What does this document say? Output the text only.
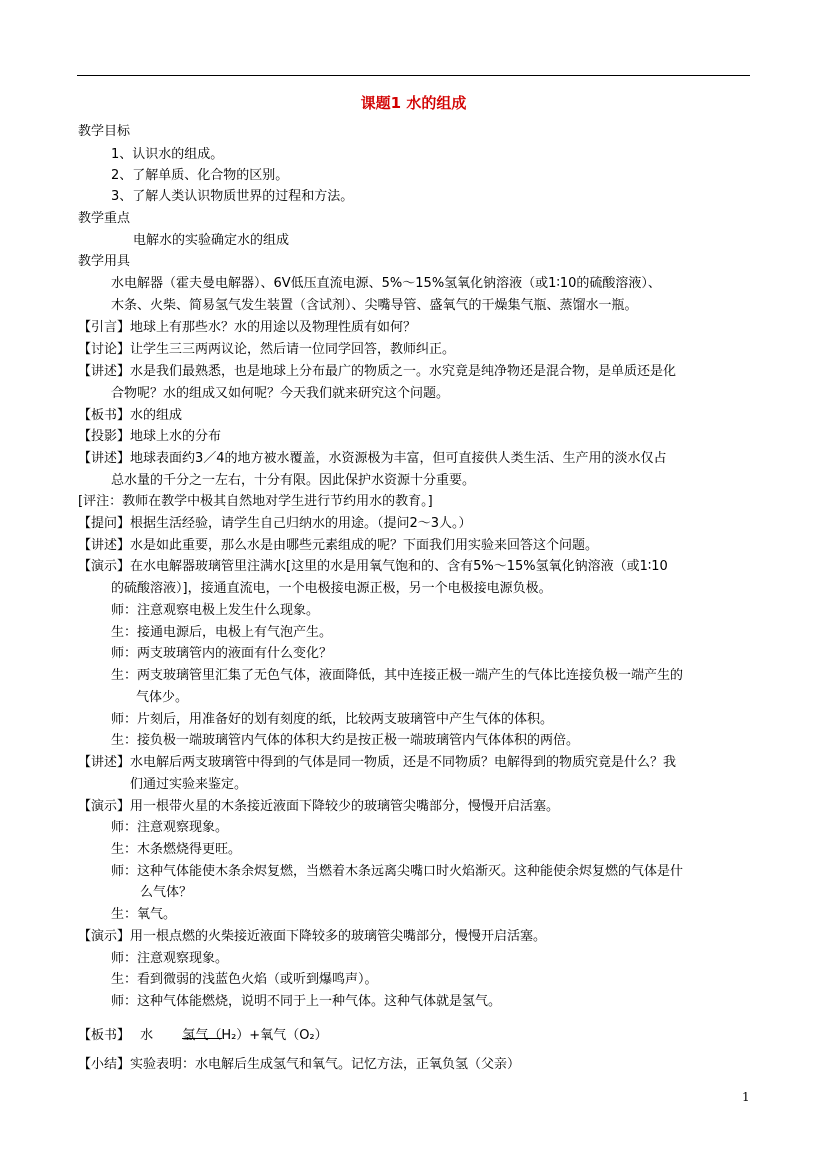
课题1 水的组成
教学目标
1、认识水的组成。
2、了解单质、化合物的区别。
3、了解人类认识物质世界的过程和方法。
教学重点
电解水的实验确定水的组成
教学用具
水电解器（霍夫曼电解器）、6V低压直流电源、5%～15%氢氧化钠溶液（或1∶10的硫酸溶液）、
木条、火柴、简易氢气发生装置（含试剂）、尖嘴导管、盛氧气的干燥集气瓶、蒸馏水一瓶。
【引言】地球上有那些水？水的用途以及物理性质有如何？
【讨论】让学生三三两两议论，然后请一位同学回答，教师纠正。
【讲述】水是我们最熟悉，也是地球上分布最广的物质之一。水究竟是纯净物还是混合物，是单质还是化
合物呢？水的组成又如何呢？今天我们就来研究这个问题。
【板书】水的组成
【投影】地球上水的分布
【讲述】地球表面约3／4的地方被水覆盖，水资源极为丰富，但可直接供人类生活、生产用的淡水仅占
总水量的千分之一左右，十分有限。因此保护水资源十分重要。
[评注：教师在教学中极其自然地对学生进行节约用水的教育。]
【提问】根据生活经验，请学生自己归纳水的用途。（提问2～3人。）
【讲述】水是如此重要，那么水是由哪些元素组成的呢？下面我们用实验来回答这个问题。
【演示】在水电解器玻璃管里注满水[这里的水是用氧气饱和的、含有5%～15%氢氧化钠溶液（或1∶10
的硫酸溶液）]，接通直流电，一个电极接电源正极，另一个电极接电源负极。
师：注意观察电极上发生什么现象。
生：接通电源后，电极上有气泡产生。
师：两支玻璃管内的液面有什么变化？
生：两支玻璃管里汇集了无色气体，液面降低，其中连接正极一端产生的气体比连接负极一端产生的
气体少。
师：片刻后，用准备好的划有刻度的纸，比较两支玻璃管中产生气体的体积。
生：接负极一端玻璃管内气体的体积大约是按正极一端玻璃管内气体体积的两倍。
【讲述】水电解后两支玻璃管中得到的气体是同一物质，还是不同物质？电解得到的物质究竟是什么？我
们通过实验来鉴定。
【演示】用一根带火星的木条接近液面下降较少的玻璃管尖嘴部分，慢慢开启活塞。
师：注意观察现象。
生：木条燃烧得更旺。
师：这种气体能使木条余烬复燃，当燃着木条远离尖嘴口时火焰渐灭。这种能使余烬复燃的气体是什
么气体？
生：氧气。
【演示】用一根点燃的火柴接近液面下降较多的玻璃管尖嘴部分，慢慢开启活塞。
师：注意观察现象。
生：看到微弱的浅蓝色火焰（或听到爆鸣声）。
师：这种气体能燃烧，说明不同于上一种气体。这种气体就是氢气。
【板书】 水 氢气（H₂）+氧气（O₂）
【小结】实验表明：水电解后生成氢气和氧气。记忆方法，正氧负氢（父亲）
1
